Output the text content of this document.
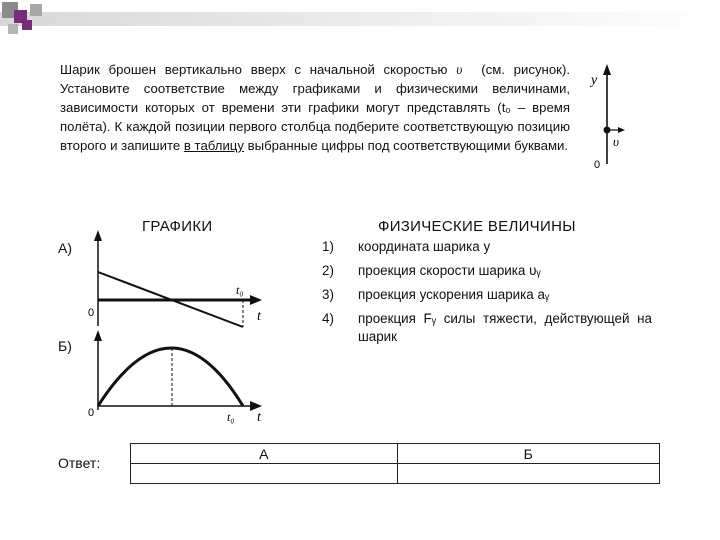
Шарик брошен вертикально вверх с начальной скоростью υ⃗ (см. рисунок). Установите соответствие между графиками и физическими величинами, зависимости которых от времени эти графики могут представлять (t₀ – время полёта). К каждой позиции первого столбца подберите соответствующую позицию второго и запишите в таблицу выбранные цифры под соответствующими буквами.
y
υ
0
ГРАФИКИ	ФИЗИЧЕСКИЕ ВЕЛИЧИНЫ
А)
0
t₀
t
Б)
0	t₀ t
1) координата шарика y
2) проекция скорости шарика υᵧ
3) проекция ускорения шарика aᵧ
4) проекция Fᵧ силы тяжести, действующей на шарик
Ответ:
А	Б
